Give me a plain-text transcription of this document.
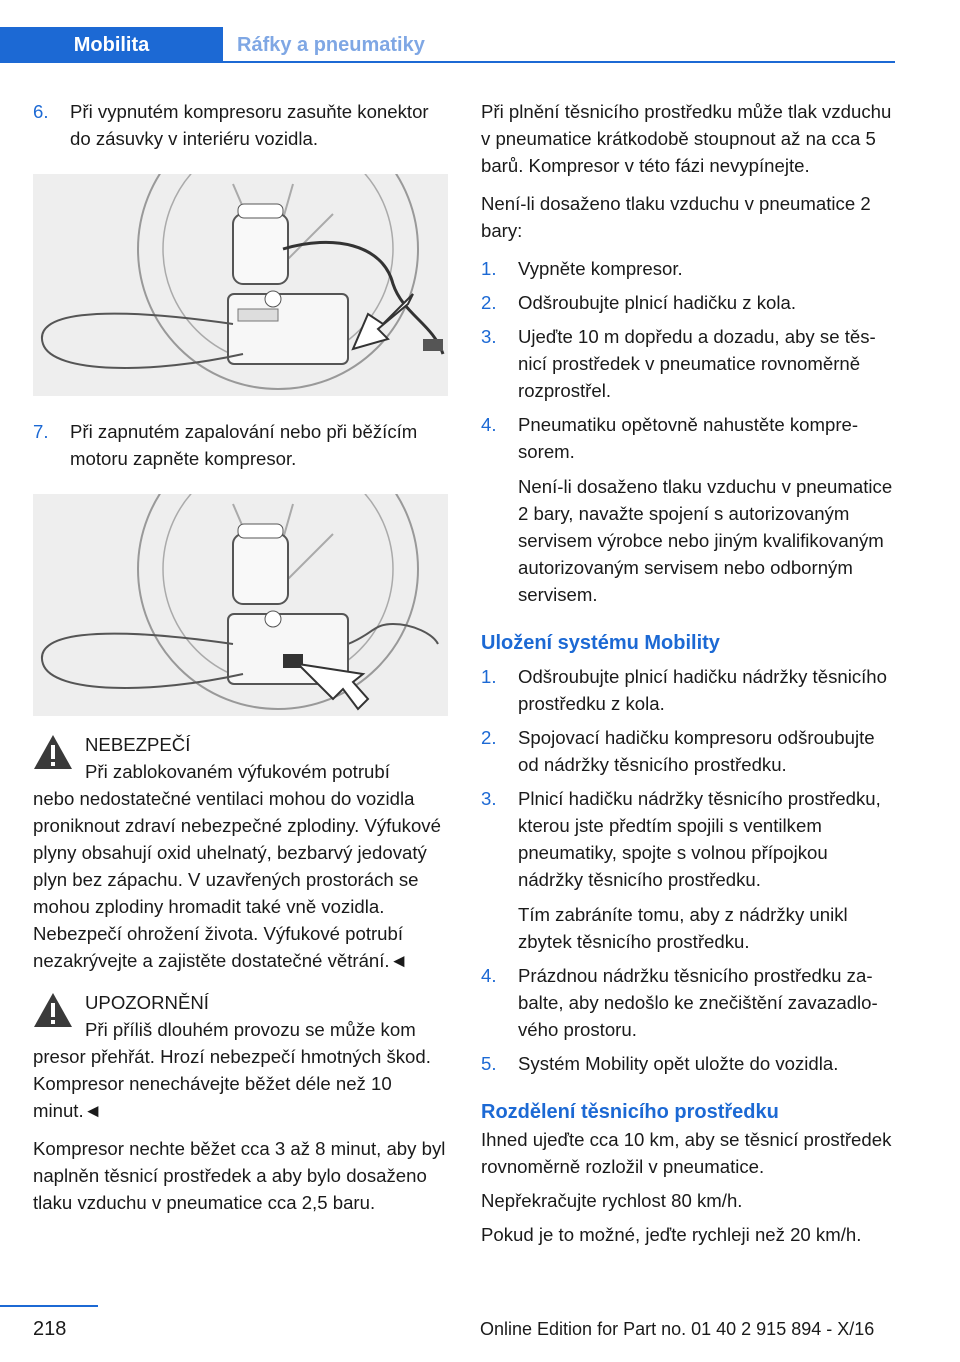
Mobilita	Ráfky a pneumatiky

6. Při vypnutém kompresoru zasuňte konektor do zásuvky v interiéru vozidla.

7. Při zapnutém zapalování nebo při běžícím motoru zapněte kompresor.

NEBEZPEČÍ
Při zablokovaném výfukovém potrubí
nebo nedostatečné ventilaci mohou do vozidla proniknout zdraví nebezpečné zplodiny. Výfukové plyny obsahují oxid uhelnatý, bezbarvý jedovatý plyn bez zápachu. V uzavřených prostorách se mohou zplodiny hromadit také vně vozidla. Nebezpečí ohrožení života. Výfukové potrubí nezakrývejte a zajistěte dostatečné větrání.◄
UPOZORNĚNÍ
Při příliš dlouhém provozu se může kom
presor přehřát. Hrozí nebezpečí hmotných škod. Kompresor nenechávejte běžet déle než 10 minut.◄

Kompresor nechte běžet cca 3 až 8 minut, aby byl naplněn těsnicí prostředek a aby bylo dosaženo tlaku vzduchu v pneumatice cca 2,5 baru.

Při plnění těsnicího prostředku může tlak vzduchu v pneumatice krátkodobě stoupnout až na cca 5 barů. Kompresor v této fázi nevypínejte.

Není-li dosaženo tlaku vzduchu v pneumatice 2 bary:

1. Vypněte kompresor.

2. Odšroubujte plnicí hadičku z kola.

3. Ujeďte 10 m dopředu a dozadu, aby se těsnicí prostředek v pneumatice rovnoměrně rozprostřel.

4. Pneumatiku opětovně nahustěte kompresorem.
Není-li dosaženo tlaku vzduchu v pneumatice 2 bary, navažte spojení s autorizovaným servisem výrobce nebo jiným kvalifikovaným autorizovaným servisem nebo odborným servisem.

Uložení systému Mobility

1. Odšroubujte plnicí hadičku nádržky těsnicího prostředku z kola.

2. Spojovací hadičku kompresoru odšroubujte od nádržky těsnicího prostředku.

3. Plnicí hadičku nádržky těsnicího prostředku, kterou jste předtím spojili s ventilkem pneumatiky, spojte s volnou přípojkou nádržky těsnicího prostředku.
Tím zabráníte tomu, aby z nádržky unikl zbytek těsnicího prostředku.

4. Prázdnou nádržku těsnicího prostředku zabalte, aby nedošlo ke znečištění zavazadlového prostoru.

5. Systém Mobility opět uložte do vozidla.

Rozdělení těsnicího prostředku

Ihned ujeďte cca 10 km, aby se těsnicí prostředek rovnoměrně rozložil v pneumatice.

Nepřekračujte rychlost 80 km/h.

Pokud je to možné, jeďte rychleji než 20 km/h.

218	Online Edition for Part no. 01 40 2 915 894 - X/16
